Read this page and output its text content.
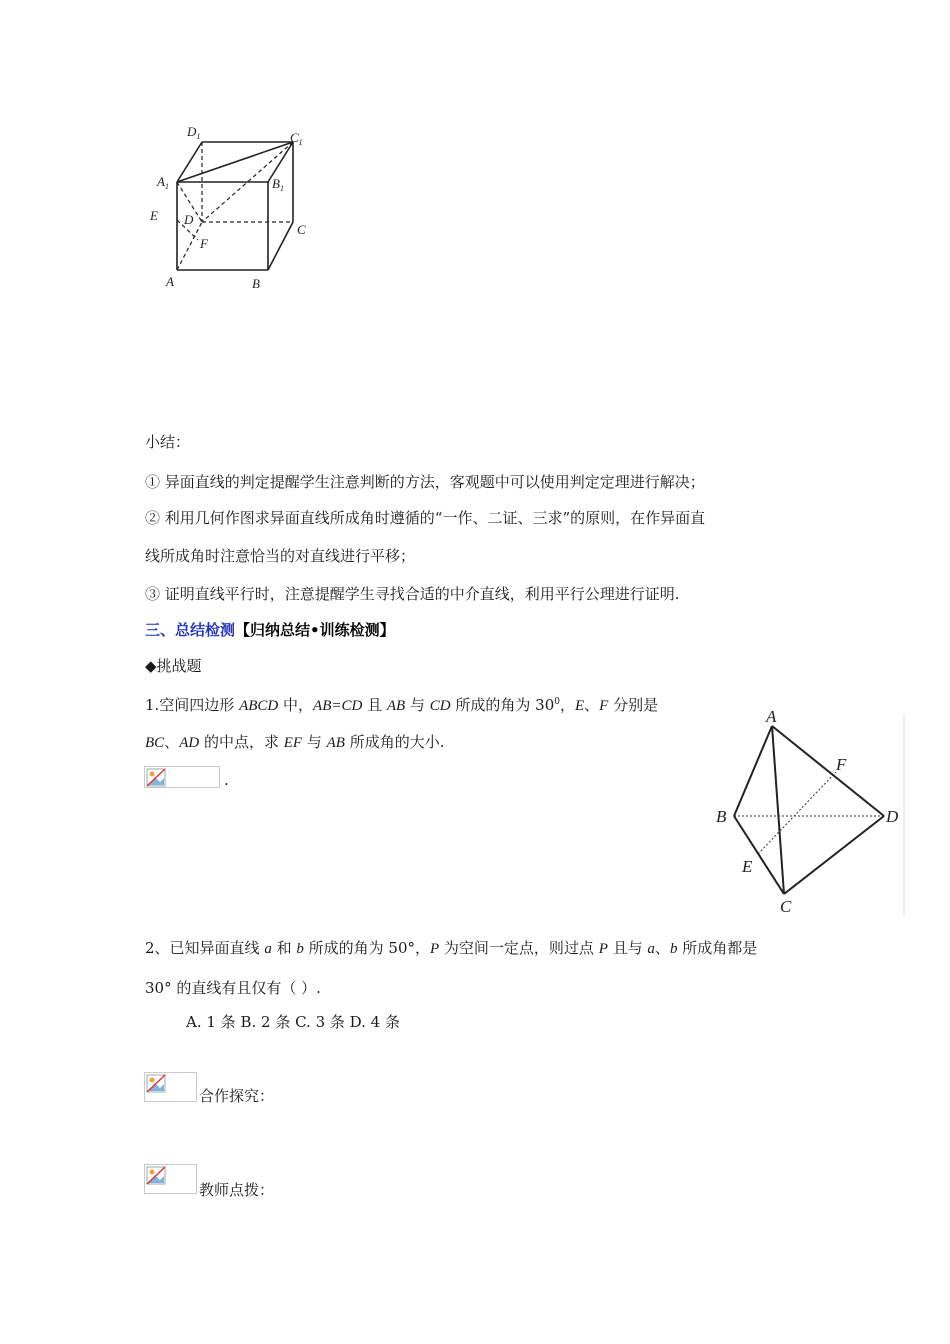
$D_1$	$C_1$
$A_1$	$B_1$
E D
C
F
A	B
小结：
① 异面直线的判定提醒学生注意判断的方法，客观题中可以使用判定定理进行解决；
② 利用几何作图求异面直线所成角时遵循的“一作、二证、三求”的原则，在作异面直
线所成角时注意恰当的对直线进行平移；
③ 证明直线平行时，注意提醒学生寻找合适的中介直线，利用平行公理进行证明.
三、总结检测【归纳总结•训练检测】
◆挑战题
1.空间四边形 ABCD 中，AB=CD 且 AB 与 CD 所成的角为 $30^0$，E、F 分别是
BC、AD 的中点，求 EF 与 AB 所成角的大小.
.
A
F
B	D
E
C
2、已知异面直线 a 和 b 所成的角为 50°，P 为空间一定点，则过点 P 且与 a、b 所成角都是
30° 的直线有且仅有（ ）.
A. 1 条 B. 2 条 C. 3 条 D. 4 条
合作探究：
教师点拨：
